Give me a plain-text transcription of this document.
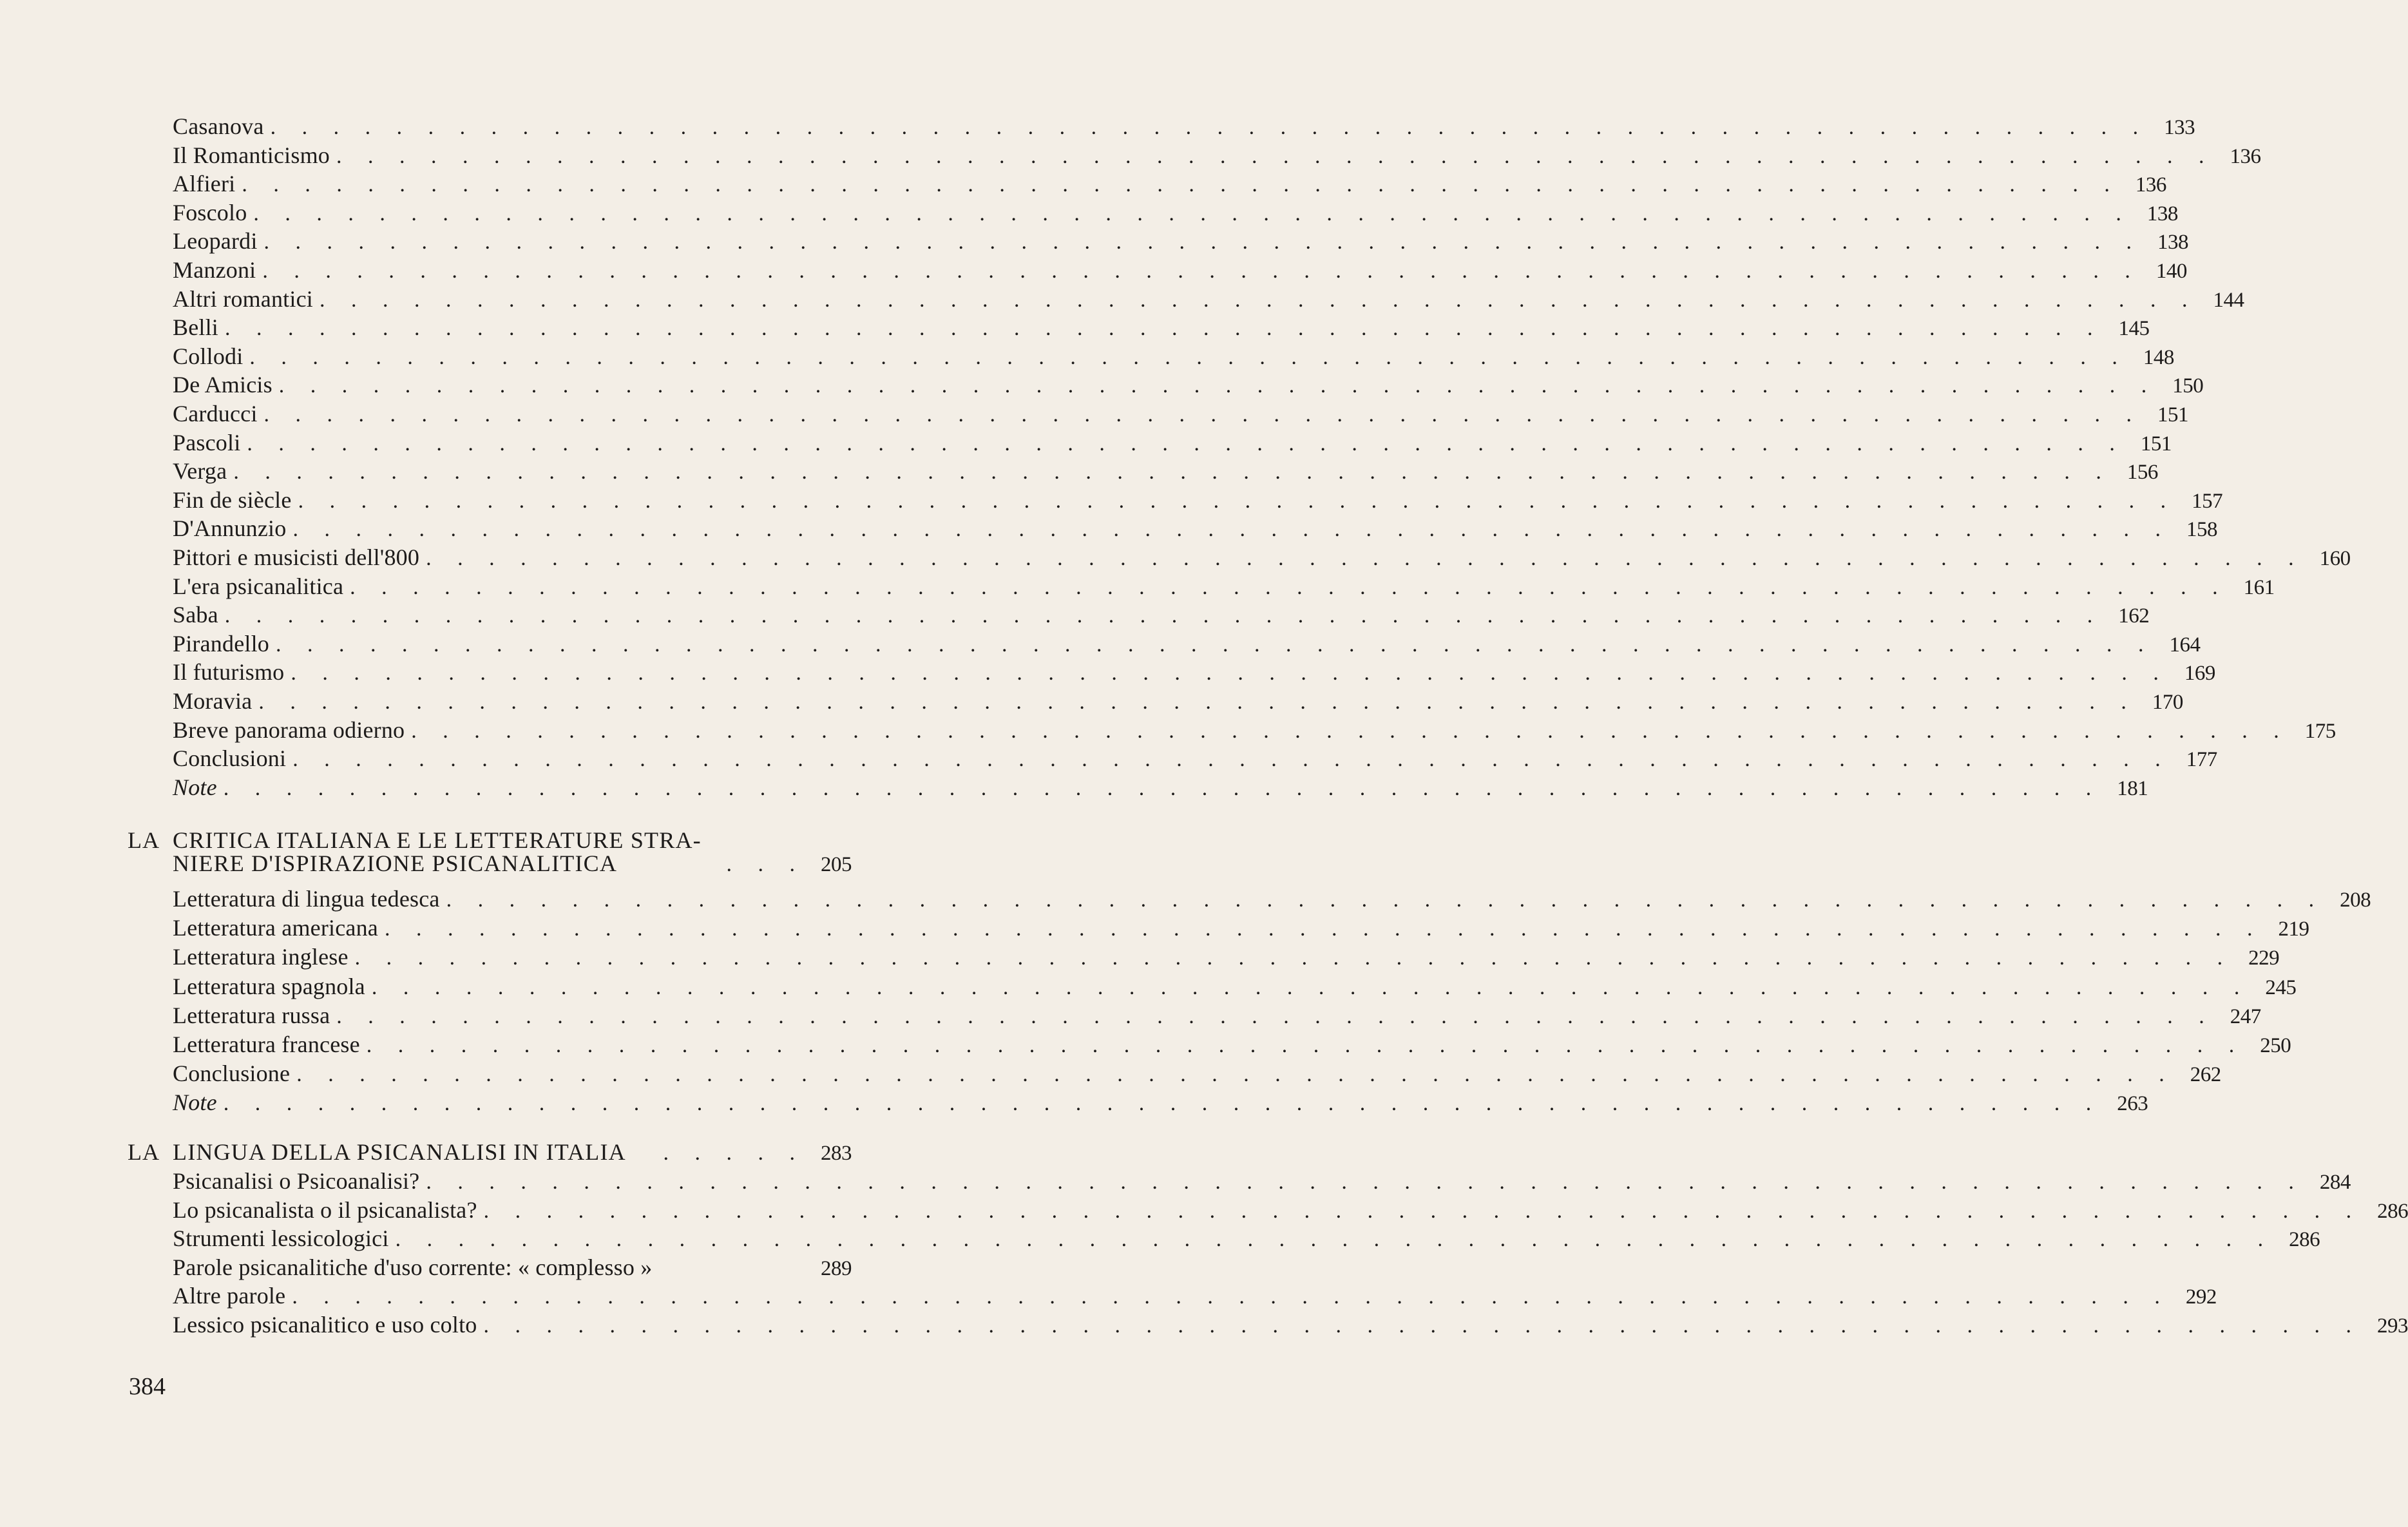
Casanova . . . . . . . . . . . . . . . . . . . . . . . . . . . . . . . . . . . . . . . . . . . . . . . . . . . . . . . . . . . . 133
Il Romanticismo . . . . . . . . . . . . . . . . . . . . . . . . . . . . . . . . . . . . . . . . . . . . . . . . . . . . . . . . . . . . 136
Alfieri . . . . . . . . . . . . . . . . . . . . . . . . . . . . . . . . . . . . . . . . . . . . . . . . . . . . . . . . . . . . 136
Foscolo . . . . . . . . . . . . . . . . . . . . . . . . . . . . . . . . . . . . . . . . . . . . . . . . . . . . . . . . . . . . 138
Leopardi . . . . . . . . . . . . . . . . . . . . . . . . . . . . . . . . . . . . . . . . . . . . . . . . . . . . . . . . . . . . 138
Manzoni . . . . . . . . . . . . . . . . . . . . . . . . . . . . . . . . . . . . . . . . . . . . . . . . . . . . . . . . . . . . 140
Altri romantici . . . . . . . . . . . . . . . . . . . . . . . . . . . . . . . . . . . . . . . . . . . . . . . . . . . . . . . . . . . . 144
Belli . . . . . . . . . . . . . . . . . . . . . . . . . . . . . . . . . . . . . . . . . . . . . . . . . . . . . . . . . . . . 145
Collodi . . . . . . . . . . . . . . . . . . . . . . . . . . . . . . . . . . . . . . . . . . . . . . . . . . . . . . . . . . . . 148
De Amicis . . . . . . . . . . . . . . . . . . . . . . . . . . . . . . . . . . . . . . . . . . . . . . . . . . . . . . . . . . . . 150
Carducci . . . . . . . . . . . . . . . . . . . . . . . . . . . . . . . . . . . . . . . . . . . . . . . . . . . . . . . . . . . . 151
Pascoli . . . . . . . . . . . . . . . . . . . . . . . . . . . . . . . . . . . . . . . . . . . . . . . . . . . . . . . . . . . . 151
Verga . . . . . . . . . . . . . . . . . . . . . . . . . . . . . . . . . . . . . . . . . . . . . . . . . . . . . . . . . . . . 156
Fin de siècle . . . . . . . . . . . . . . . . . . . . . . . . . . . . . . . . . . . . . . . . . . . . . . . . . . . . . . . . . . . . 157
D'Annunzio . . . . . . . . . . . . . . . . . . . . . . . . . . . . . . . . . . . . . . . . . . . . . . . . . . . . . . . . . . . . 158
Pittori e musicisti dell'800 . . . . . . . . . . . . . . . . . . . . . . . . . . . . . . . . . . . . . . . . . . . . . . . . . . . . . . . . . . . . 160
L'era psicanalitica . . . . . . . . . . . . . . . . . . . . . . . . . . . . . . . . . . . . . . . . . . . . . . . . . . . . . . . . . . . . 161
Saba . . . . . . . . . . . . . . . . . . . . . . . . . . . . . . . . . . . . . . . . . . . . . . . . . . . . . . . . . . . . 162
Pirandello . . . . . . . . . . . . . . . . . . . . . . . . . . . . . . . . . . . . . . . . . . . . . . . . . . . . . . . . . . . . 164
Il futurismo . . . . . . . . . . . . . . . . . . . . . . . . . . . . . . . . . . . . . . . . . . . . . . . . . . . . . . . . . . . . 169
Moravia . . . . . . . . . . . . . . . . . . . . . . . . . . . . . . . . . . . . . . . . . . . . . . . . . . . . . . . . . . . . 170
Breve panorama odierno . . . . . . . . . . . . . . . . . . . . . . . . . . . . . . . . . . . . . . . . . . . . . . . . . . . . . . . . . . . . 175
Conclusioni . . . . . . . . . . . . . . . . . . . . . . . . . . . . . . . . . . . . . . . . . . . . . . . . . . . . . . . . . . . . 177
Note . . . . . . . . . . . . . . . . . . . . . . . . . . . . . . . . . . . . . . . . . . . . . . . . . . . . . . . . . . . . 181
LA CRITICA ITALIANA E LE LETTERATURE STRA-
NIERE D'ISPIRAZIONE PSICANALITICA	. . . 205
Letteratura di lingua tedesca . . . . . . . . . . . . . . . . . . . . . . . . . . . . . . . . . . . . . . . . . . . . . . . . . . . . . . . . . . . . 208
Letteratura americana . . . . . . . . . . . . . . . . . . . . . . . . . . . . . . . . . . . . . . . . . . . . . . . . . . . . . . . . . . . . 219
Letteratura inglese . . . . . . . . . . . . . . . . . . . . . . . . . . . . . . . . . . . . . . . . . . . . . . . . . . . . . . . . . . . . 229
Letteratura spagnola . . . . . . . . . . . . . . . . . . . . . . . . . . . . . . . . . . . . . . . . . . . . . . . . . . . . . . . . . . . . 245
Letteratura russa . . . . . . . . . . . . . . . . . . . . . . . . . . . . . . . . . . . . . . . . . . . . . . . . . . . . . . . . . . . . 247
Letteratura francese . . . . . . . . . . . . . . . . . . . . . . . . . . . . . . . . . . . . . . . . . . . . . . . . . . . . . . . . . . . . 250
Conclusione . . . . . . . . . . . . . . . . . . . . . . . . . . . . . . . . . . . . . . . . . . . . . . . . . . . . . . . . . . . . 262
Note . . . . . . . . . . . . . . . . . . . . . . . . . . . . . . . . . . . . . . . . . . . . . . . . . . . . . . . . . . . . 263
LA LINGUA DELLA PSICANALISI IN ITALIA	. . . . . 283
Psicanalisi o Psicoanalisi? . . . . . . . . . . . . . . . . . . . . . . . . . . . . . . . . . . . . . . . . . . . . . . . . . . . . . . . . . . . . 284
Lo psicanalista o il psicanalista? . . . . . . . . . . . . . . . . . . . . . . . . . . . . . . . . . . . . . . . . . . . . . . . . . . . . . . . . . . . . 286
Strumenti lessicologici . . . . . . . . . . . . . . . . . . . . . . . . . . . . . . . . . . . . . . . . . . . . . . . . . . . . . . . . . . . . 286
Parole psicanalitiche d'uso corrente: « complesso »	289
Altre parole . . . . . . . . . . . . . . . . . . . . . . . . . . . . . . . . . . . . . . . . . . . . . . . . . . . . . . . . . . . . 292
Lessico psicanalitico e uso colto . . . . . . . . . . . . . . . . . . . . . . . . . . . . . . . . . . . . . . . . . . . . . . . . . . . . . . . . . . . . 293
384
